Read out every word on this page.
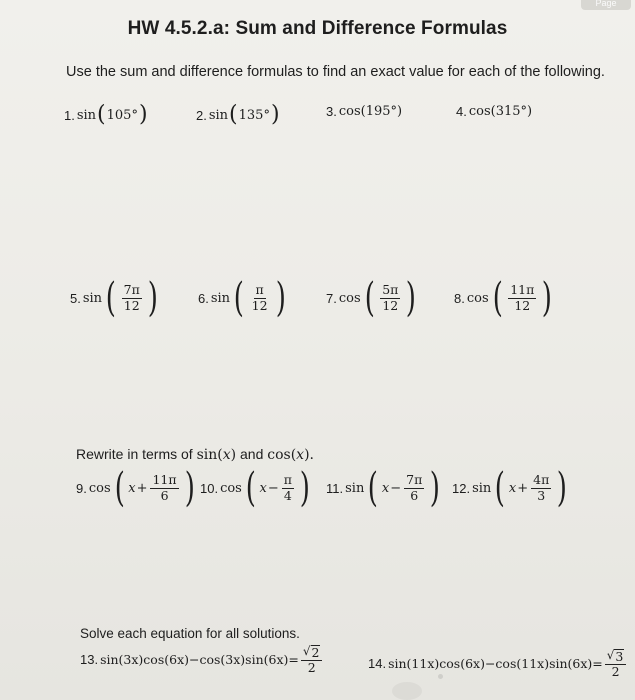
Page
HW 4.5.2.a: Sum and Difference Formulas
Use the sum and difference formulas to find an exact value for each of the following.
1. sin ( 105° )	2. sin ( 135° )	3. cos ( 195° )	4. cos ( 315° )
5. sin ( $\frac{7\pi}{12}$ )	6. sin ( $\frac{\pi}{12}$ )	7. cos ( $\frac{5\pi}{12}$ )	8. cos ( $\frac{11\pi}{12}$ )
Rewrite in terms of sin(x) and cos(x).
9. cos ( $x + \frac{11\pi}{6}$ ) 10. cos ( $x - \frac{\pi}{4}$ ) 11. sin ( $x - \frac{7\pi}{6}$ ) 12. sin ( $x + \frac{4\pi}{3}$ )
Solve each equation for all solutions.
13. $\sin(3x)\cos(6x)-\cos(3x)\sin(6x)= \frac{√ 2}{2}$	14. $\sin(11x)\cos(6x)-\cos(11x)\sin(6x)= \frac{√ 3}{2}$
